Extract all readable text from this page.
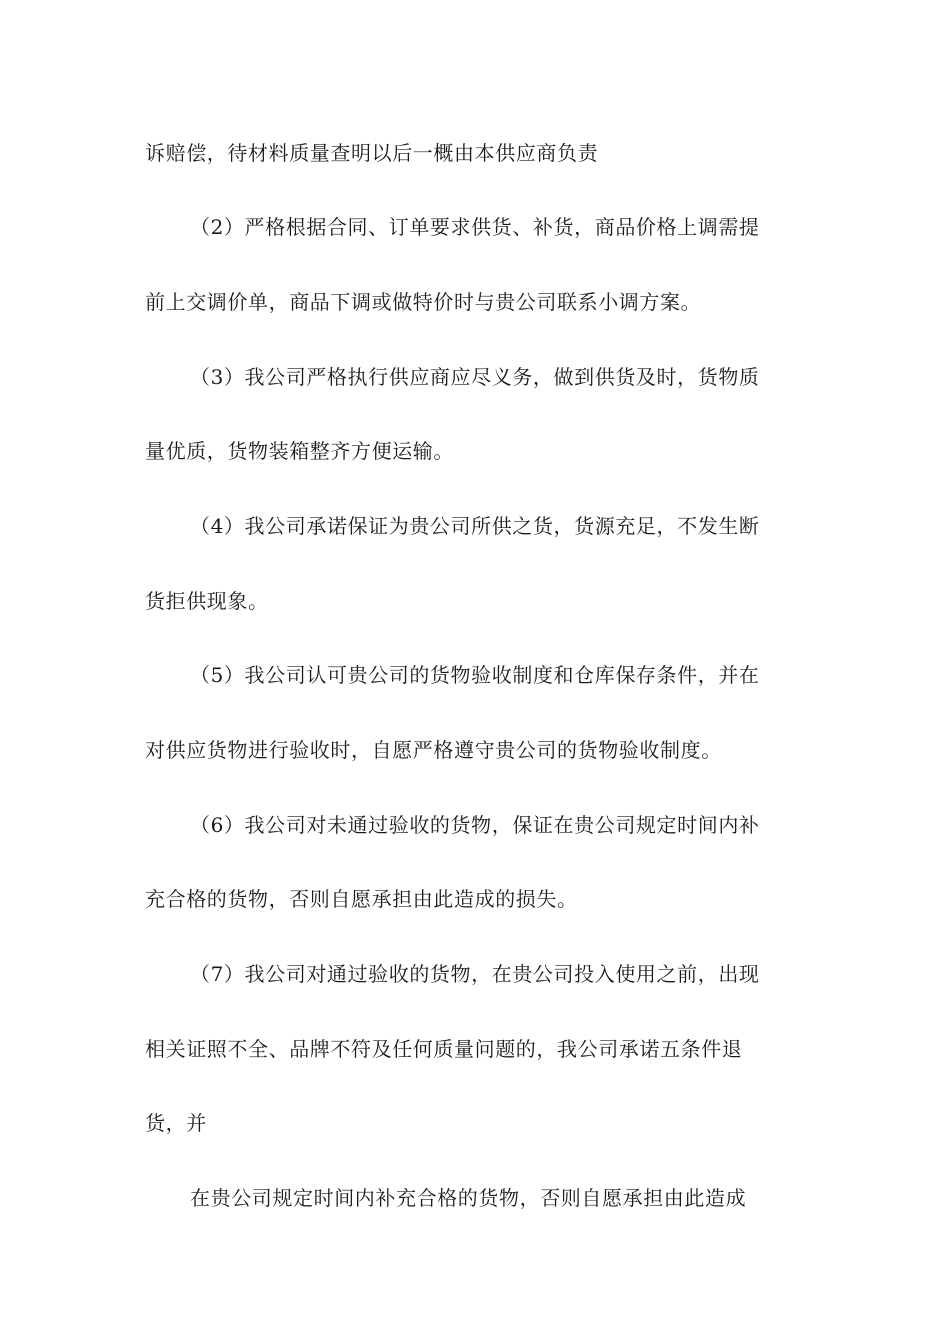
诉赔偿，待材料质量查明以后一概由本供应商负责
（2）严格根据合同、订单要求供货、补货，商品价格上调需提
前上交调价单，商品下调或做特价时与贵公司联系小调方案。
（3）我公司严格执行供应商应尽义务，做到供货及时，货物质
量优质，货物装箱整齐方便运输。
（4）我公司承诺保证为贵公司所供之货，货源充足，不发生断
货拒供现象。
（5）我公司认可贵公司的货物验收制度和仓库保存条件，并在
对供应货物进行验收时，自愿严格遵守贵公司的货物验收制度。
（6）我公司对未通过验收的货物，保证在贵公司规定时间内补
充合格的货物，否则自愿承担由此造成的损失。
（7）我公司对通过验收的货物，在贵公司投入使用之前，出现
相关证照不全、品牌不符及任何质量问题的，我公司承诺五条件退
货，并
在贵公司规定时间内补充合格的货物，否则自愿承担由此造成
